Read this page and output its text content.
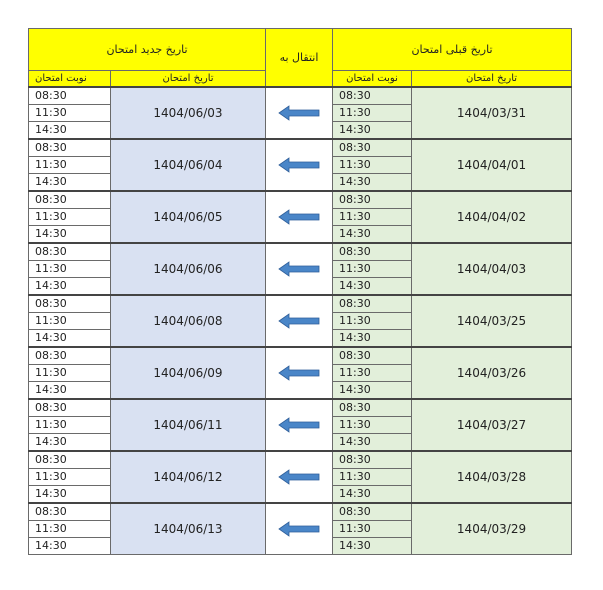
تاریخ جدید امتحان		انتقال به	تاریخ قبلی امتحان	
نوبت امتحان	تاریخ امتحان		نوبت امتحان	تاریخ امتحان
08:30	1404/06/03		08:30	1404/03/31
11:30			11:30	
14:30			14:30	
08:30	1404/06/04		08:30	1404/04/01
11:30			11:30	
14:30			14:30	
08:30	1404/06/05		08:30	1404/04/02
11:30			11:30	
14:30			14:30	
08:30	1404/06/06		08:30	1404/04/03
11:30			11:30	
14:30			14:30	
08:30	1404/06/08		08:30	1404/03/25
11:30			11:30	
14:30			14:30	
08:30	1404/06/09		08:30	1404/03/26
11:30			11:30	
14:30			14:30	
08:30	1404/06/11		08:30	1404/03/27
11:30			11:30	
14:30			14:30	
08:30	1404/06/12		08:30	1404/03/28
11:30			11:30	
14:30			14:30	
08:30	1404/06/13		08:30	1404/03/29
11:30			11:30	
14:30			14:30	
